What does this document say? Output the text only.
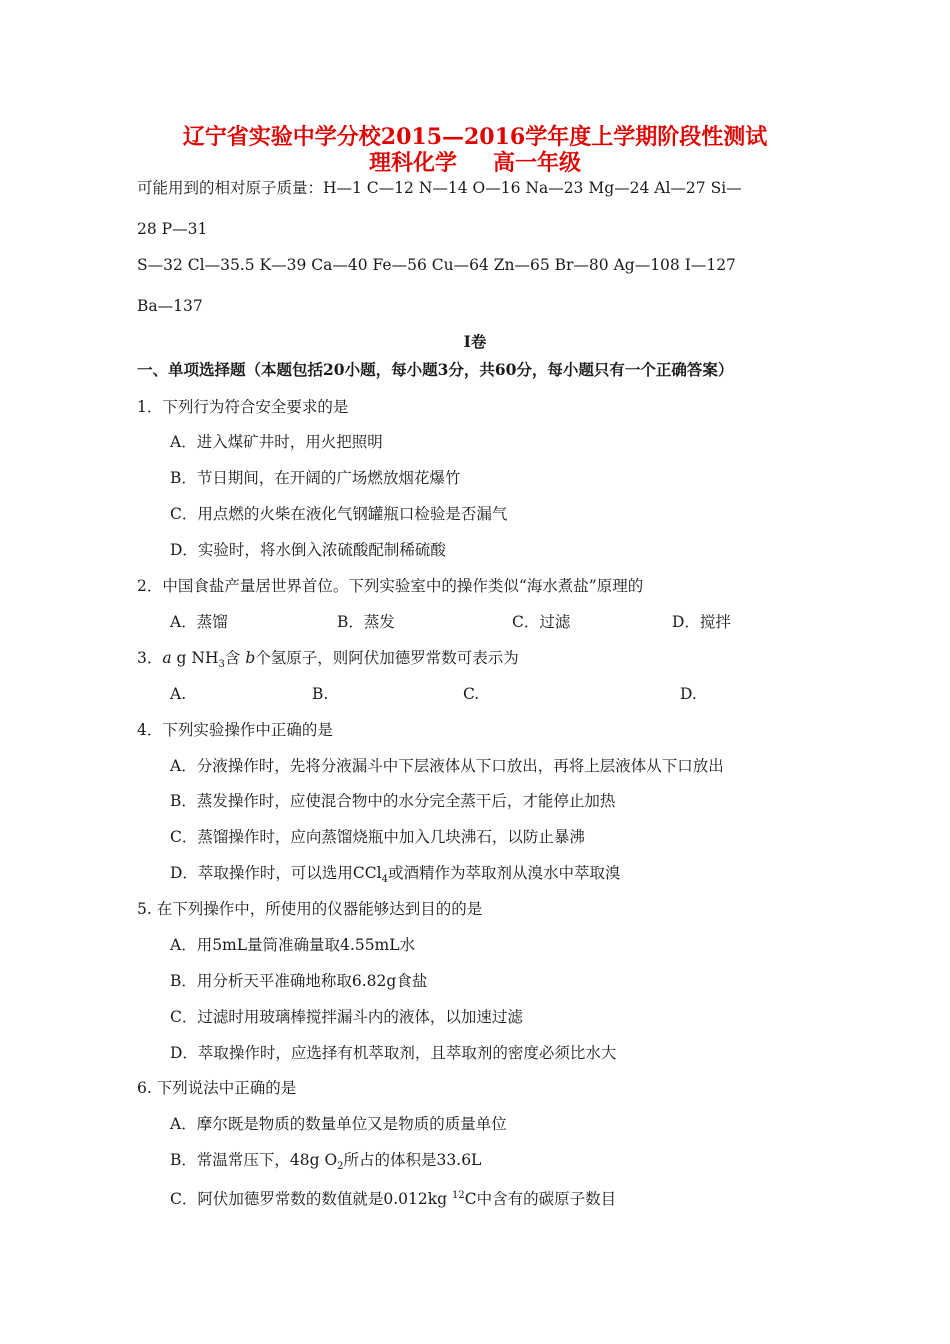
辽宁省实验中学分校2015—2016学年度上学期阶段性测试
理科化学 高一年级
可能用到的相对原子质量：H—1 C—12 N—14 O—16 Na—23 Mg—24 Al—27 Si—
28 P—31
S—32 Cl—35.5 K—39 Ca—40 Fe—56 Cu—64 Zn—65 Br—80 Ag—108 I—127
Ba—137
Ⅰ卷
一、单项选择题（本题包括20小题，每小题3分，共60分，每小题只有一个正确答案）
1．下列行为符合安全要求的是
A．进入煤矿井时，用火把照明
B．节日期间，在开阔的广场燃放烟花爆竹
C．用点燃的火柴在液化气钢罐瓶口检验是否漏气
D．实验时，将水倒入浓硫酸配制稀硫酸
2．中国食盐产量居世界首位。下列实验室中的操作类似“海水煮盐”原理的
A．蒸馏	B．蒸发	C．过滤	D．搅拌
3．a g $NH_3$含 b个氢原子，则阿伏加德罗常数可表示为
A.	B.	C.	D.
4．下列实验操作中正确的是
A．分液操作时，先将分液漏斗中下层液体从下口放出，再将上层液体从下口放出
B．蒸发操作时，应使混合物中的水分完全蒸干后，才能停止加热
C．蒸馏操作时，应向蒸馏烧瓶中加入几块沸石，以防止暴沸
D．萃取操作时，可以选用CCl$_4$或酒精作为萃取剂从溴水中萃取溴
5. 在下列操作中，所使用的仪器能够达到目的的是
A．用5mL量筒准确量取4.55mL水
B．用分析天平准确地称取6.82g食盐
C．过滤时用玻璃棒搅拌漏斗内的液体，以加速过滤
D．萃取操作时，应选择有机萃取剂，且萃取剂的密度必须比水大
6. 下列说法中正确的是
A．摩尔既是物质的数量单位又是物质的质量单位
B．常温常压下，48g $O_2$所占的体积是33.6L
C．阿伏加德罗常数的数值就是0.012kg $^{12}$C中含有的碳原子数目
